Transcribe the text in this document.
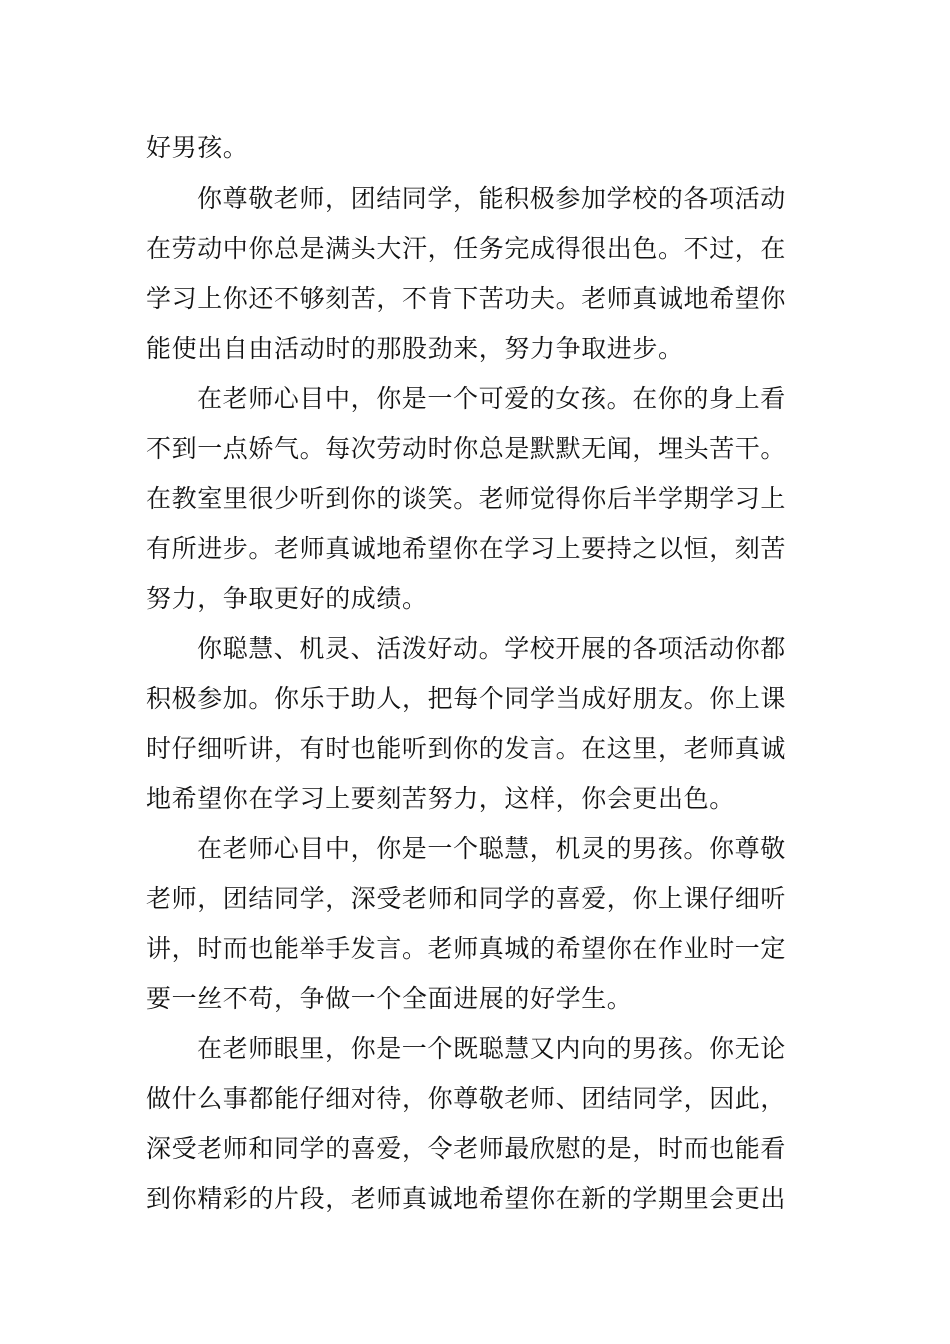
好男孩。
你尊敬老师，团结同学，能积极参加学校的各项活动
在劳动中你总是满头大汗，任务完成得很出色。不过，在
学习上你还不够刻苦，不肯下苦功夫。老师真诚地希望你
能使出自由活动时的那股劲来，努力争取进步。
在老师心目中，你是一个可爱的女孩。在你的身上看
不到一点娇气。每次劳动时你总是默默无闻，埋头苦干。
在教室里很少听到你的谈笑。老师觉得你后半学期学习上
有所进步。老师真诚地希望你在学习上要持之以恒，刻苦
努力，争取更好的成绩。
你聪慧、机灵、活泼好动。学校开展的各项活动你都
积极参加。你乐于助人，把每个同学当成好朋友。你上课
时仔细听讲，有时也能听到你的发言。在这里，老师真诚
地希望你在学习上要刻苦努力，这样，你会更出色。
在老师心目中，你是一个聪慧，机灵的男孩。你尊敬
老师，团结同学，深受老师和同学的喜爱，你上课仔细听
讲，时而也能举手发言。老师真城的希望你在作业时一定
要一丝不苟，争做一个全面进展的好学生。
在老师眼里，你是一个既聪慧又内向的男孩。你无论
做什么事都能仔细对待，你尊敬老师、团结同学，因此，
深受老师和同学的喜爱，令老师最欣慰的是，时而也能看
到你精彩的片段，老师真诚地希望你在新的学期里会更出
